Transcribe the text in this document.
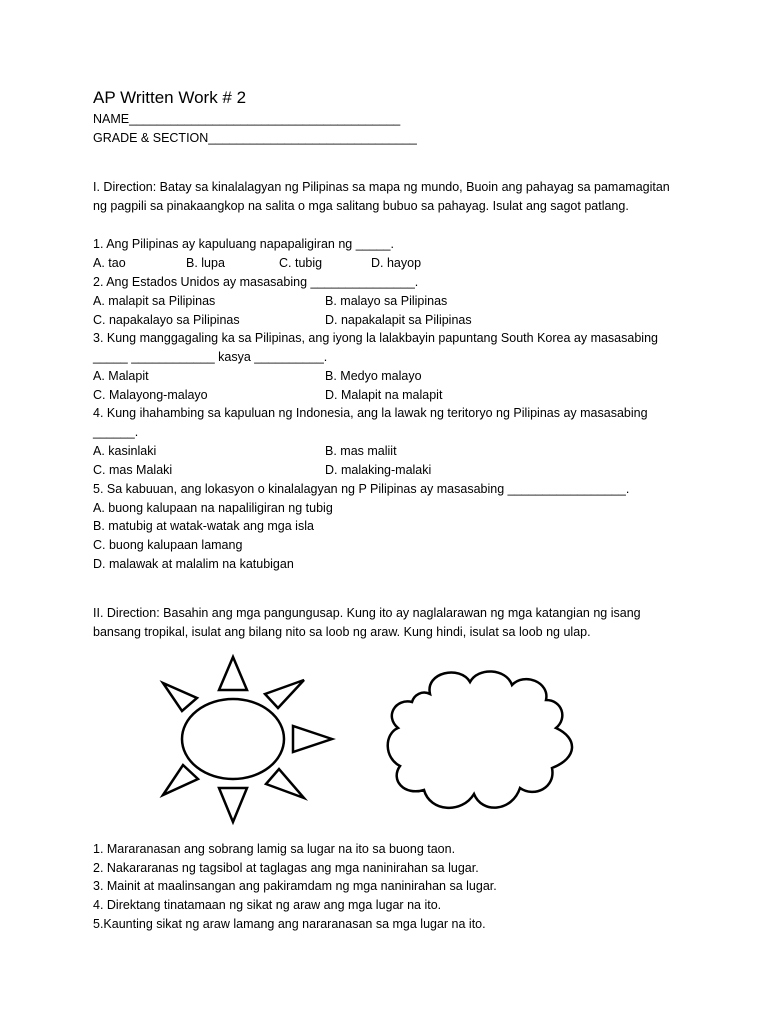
AP Written Work # 2
NAME_______________________________________
GRADE & SECTION______________________________
I. Direction: Batay sa kinalalagyan ng Pilipinas sa mapa ng mundo, Buoin ang pahayag sa pamamagitan ng pagpili sa pinakaangkop na salita o mga salitang bubuo sa pahayag. Isulat ang sagot patlang.
1. Ang Pilipinas ay kapuluang napapaligiran ng _____.
A. tao	B. lupa	C. tubig	D. hayop
2. Ang Estados Unidos ay masasabing _______________.
A. malapit sa Pilipinas	B. malayo sa Pilipinas
C. napakalayo sa Pilipinas	D. napakalapit sa Pilipinas
3. Kung manggagaling ka sa Pilipinas, ang iyong la lalakbayin papuntang South Korea ay masasabing _____ ____________ kasya __________.
A. Malapit	B. Medyo malayo
C. Malayong-malayo	D. Malapit na malapit
4. Kung ihahambing sa kapuluan ng Indonesia, ang la lawak ng teritoryo ng Pilipinas ay masasabing ______.
A. kasinlaki	B. mas maliit
C. mas Malaki	D. malaking-malaki
5. Sa kabuuan, ang lokasyon o kinalalagyan ng P Pilipinas ay masasabing _________________.
A. buong kalupaan na napaliligiran ng tubig
B. matubig at watak-watak ang mga isla
C. buong kalupaan lamang
D. malawak at malalim na katubigan
II. Direction: Basahin ang mga pangungusap. Kung ito ay naglalarawan ng mga katangian ng isang bansang tropikal, isulat ang bilang nito sa loob ng araw. Kung hindi, isulat sa loob ng ulap.
1. Mararanasan ang sobrang lamig sa lugar na ito sa buong taon.
2. Nakararanas ng tagsibol at taglagas ang mga naninirahan sa lugar.
3. Mainit at maalinsangan ang pakiramdam ng mga naninirahan sa lugar.
4. Direktang tinatamaan ng sikat ng araw ang mga lugar na ito.
5.Kaunting sikat ng araw lamang ang nararanasan sa mga lugar na ito.
